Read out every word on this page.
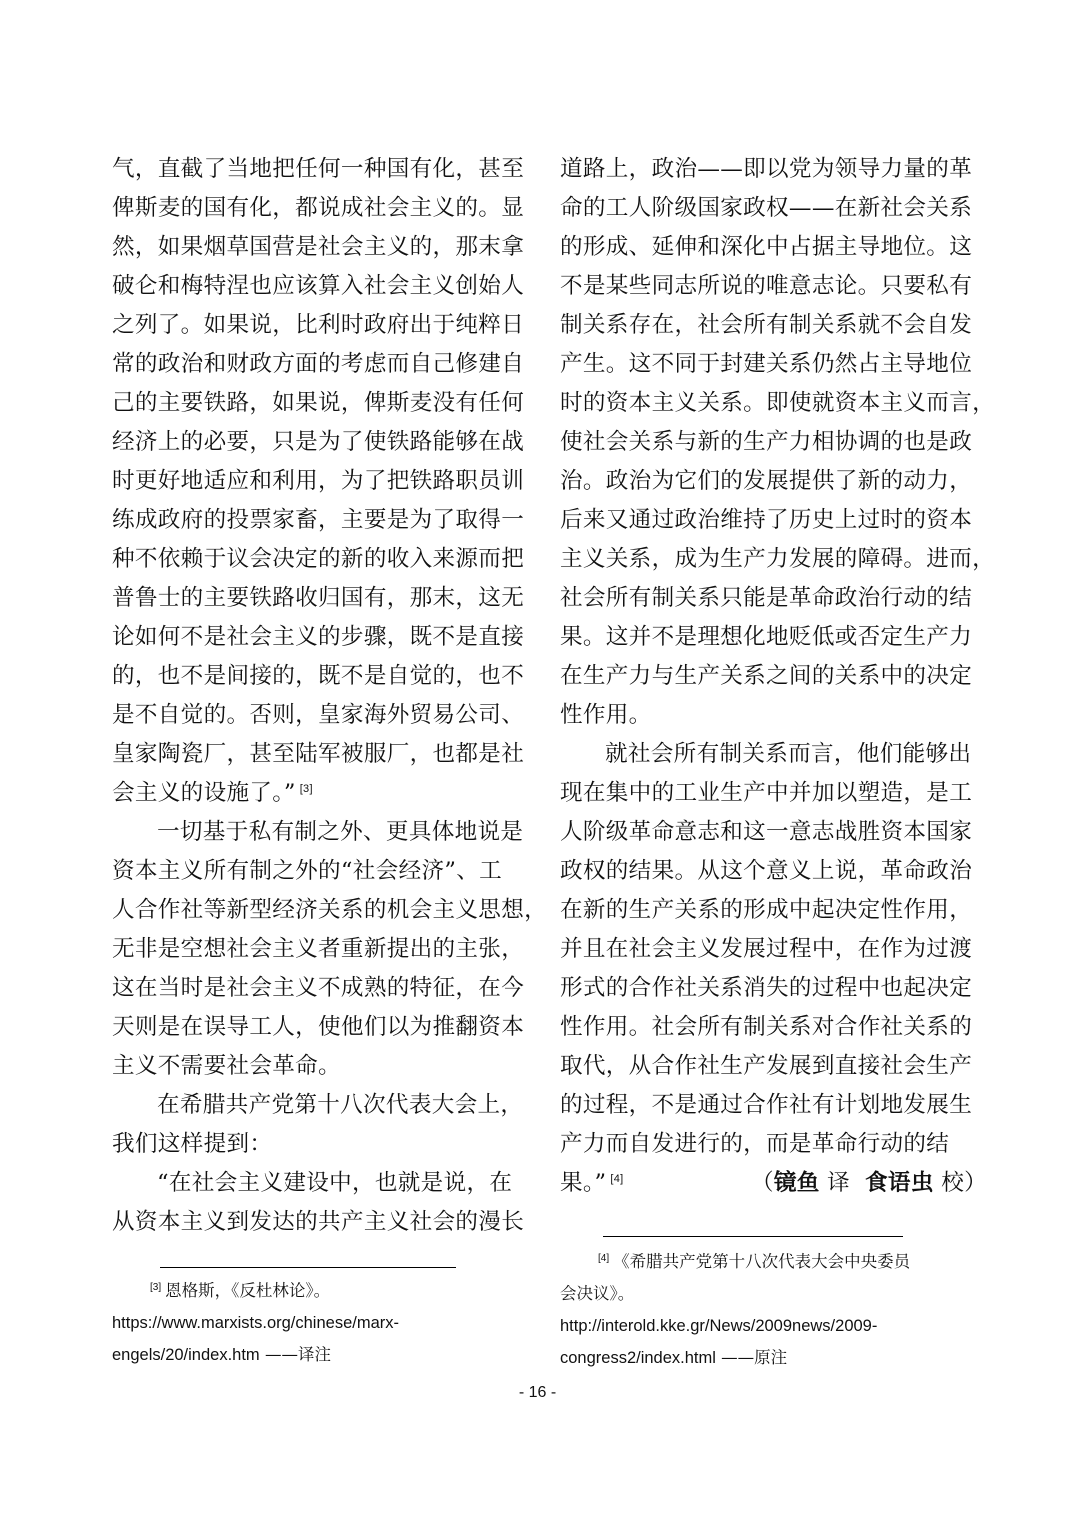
气，直截了当地把任何一种国有化，甚至
俾斯麦的国有化，都说成社会主义的。显
然，如果烟草国营是社会主义的，那末拿
破仑和梅特涅也应该算入社会主义创始人
之列了。如果说，比利时政府出于纯粹日
常的政治和财政方面的考虑而自己修建自
己的主要铁路，如果说，俾斯麦没有任何
经济上的必要，只是为了使铁路能够在战
时更好地适应和利用，为了把铁路职员训
练成政府的投票家畜，主要是为了取得一
种不依赖于议会决定的新的收入来源而把
普鲁士的主要铁路收归国有，那末，这无
论如何不是社会主义的步骤，既不是直接
的，也不是间接的，既不是自觉的，也不
是不自觉的。否则，皇家海外贸易公司、
皇家陶瓷厂，甚至陆军被服厂，也都是社
会主义的设施了。” [3]
一切基于私有制之外、更具体地说是
资本主义所有制之外的“社会经济”、工
人合作社等新型经济关系的机会主义思想，
无非是空想社会主义者重新提出的主张，
这在当时是社会主义不成熟的特征，在今
天则是在误导工人，使他们以为推翻资本
主义不需要社会革命。
在希腊共产党第十八次代表大会上，
我们这样提到：
“在社会主义建设中，也就是说，在
从资本主义到发达的共产主义社会的漫长
道路上，政治——即以党为领导力量的革
命的工人阶级国家政权——在新社会关系
的形成、延伸和深化中占据主导地位。这
不是某些同志所说的唯意志论。只要私有
制关系存在，社会所有制关系就不会自发
产生。这不同于封建关系仍然占主导地位
时的资本主义关系。即使就资本主义而言，
使社会关系与新的生产力相协调的也是政
治。政治为它们的发展提供了新的动力，
后来又通过政治维持了历史上过时的资本
主义关系，成为生产力发展的障碍。进而，
社会所有制关系只能是革命政治行动的结
果。这并不是理想化地贬低或否定生产力
在生产力与生产关系之间的关系中的决定
性作用。
就社会所有制关系而言，他们能够出
现在集中的工业生产中并加以塑造，是工
人阶级革命意志和这一意志战胜资本国家
政权的结果。从这个意义上说，革命政治
在新的生产关系的形成中起决定性作用，
并且在社会主义发展过程中，在作为过渡
形式的合作社关系消失的过程中也起决定
性作用。社会所有制关系对合作社关系的
取代，从合作社生产发展到直接社会生产
的过程，不是通过合作社有计划地发展生
产力而自发进行的，而是革命行动的结
果。” [4]	（镜鱼 译 食语虫 校）
[3] 恩格斯，《反杜林论》。
https://www.marxists.org/chinese/marx-
engels/20/index.htm ——译注
[4] 《希腊共产党第十八次代表大会中央委员
会决议》。
http://interold.kke.gr/News/2009news/2009-
congress2/index.html ——原注
- 16 -
